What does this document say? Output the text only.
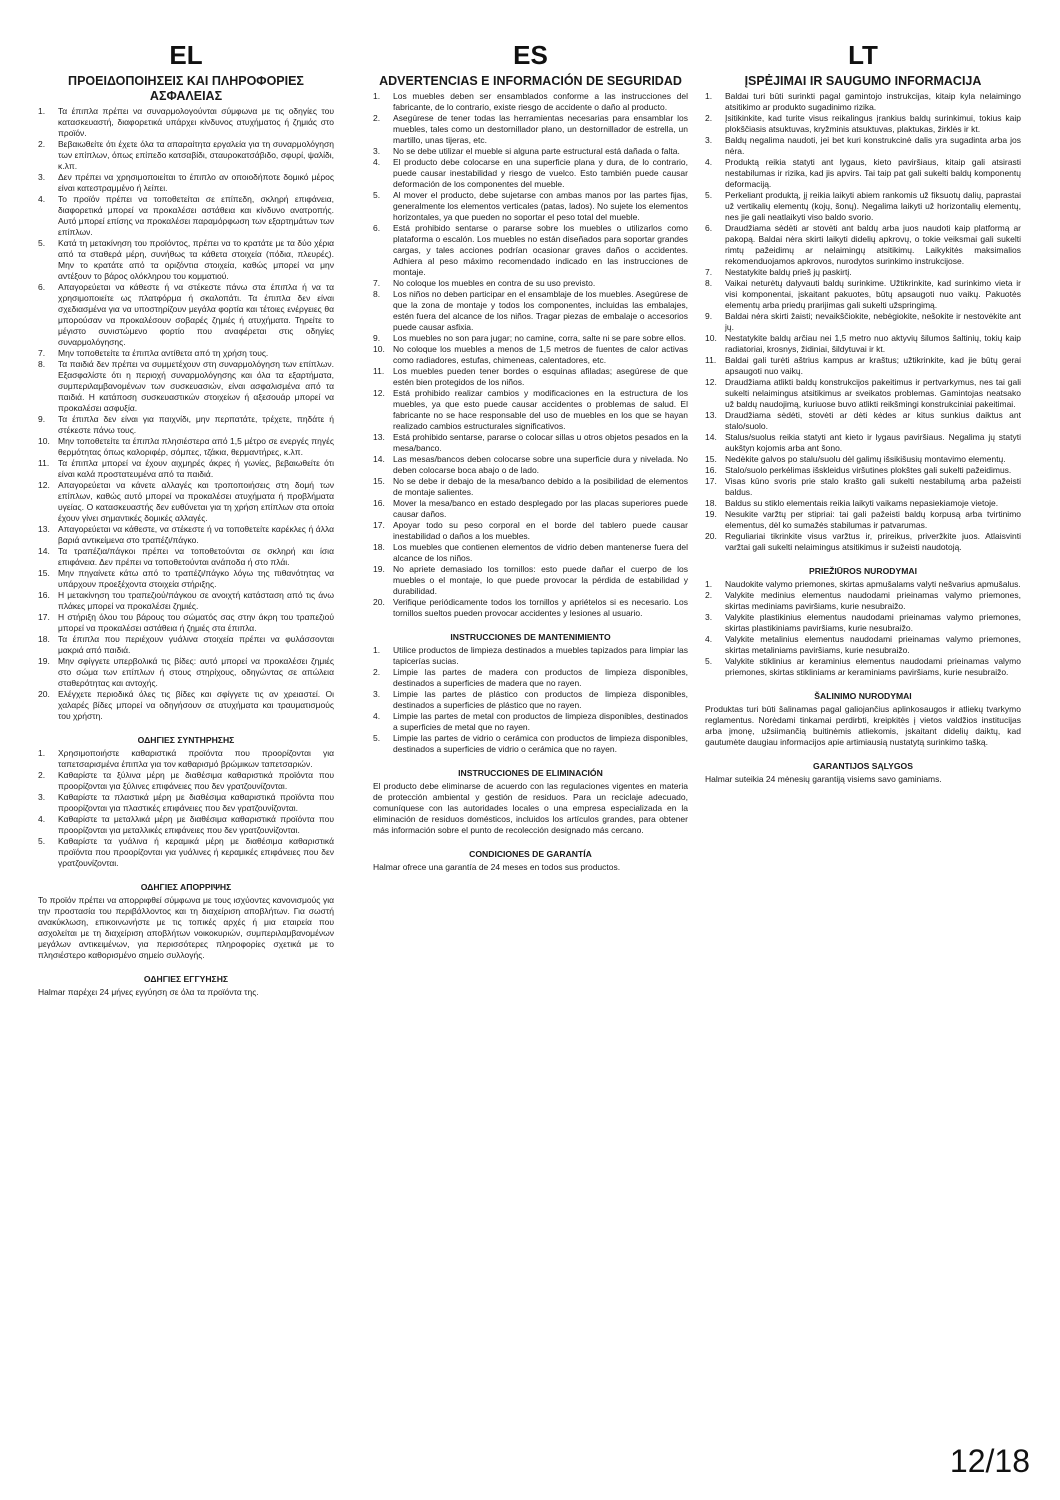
EL
ΠΡΟΕΙΔΟΠΟΙΗΣΕΙΣ ΚΑΙ ΠΛΗΡΟΦΟΡΙΕΣ ΑΣΦΑΛΕΙΑΣ
1. Τα έπιπλα πρέπει να συναρμολογούνται σύμφωνα με τις οδηγίες του κατασκευαστή, διαφορετικά υπάρχει κίνδυνος ατυχήματος ή ζημιάς στο προϊόν.
2. Βεβαιωθείτε ότι έχετε όλα τα απαραίτητα εργαλεία για τη συναρμολόγηση των επίπλων, όπως επίπεδο κατσαβίδι, σταυροκατσάβιδο, σφυρί, ψαλίδι, κ.λπ.
3. Δεν πρέπει να χρησιμοποιείται το έπιπλο αν οποιοδήποτε δομικό μέρος είναι κατεστραμμένο ή λείπει.
4. Το προϊόν πρέπει να τοποθετείται σε επίπεδη, σκληρή επιφάνεια, διαφορετικά μπορεί να προκαλέσει αστάθεια και κίνδυνο ανατροπής. Αυτό μπορεί επίσης να προκαλέσει παραμόρφωση των εξαρτημάτων των επίπλων.
5. Κατά τη μετακίνηση του προϊόντος, πρέπει να το κρατάτε με τα δύο χέρια από τα σταθερά μέρη, συνήθως τα κάθετα στοιχεία (πόδια, πλευρές). Μην το κρατάτε από τα οριζόντια στοιχεία, καθώς μπορεί να μην αντέξουν το βάρος ολόκληρου του κομματιού.
6. Απαγορεύεται να κάθεστε ή να στέκεστε πάνω στα έπιπλα ή να τα χρησιμοποιείτε ως πλατφόρμα ή σκαλοπάτι. Τα έπιπλα δεν είναι σχεδιασμένα για να υποστηρίζουν μεγάλα φορτία και τέτοιες ενέργειες θα μπορούσαν να προκαλέσουν σοβαρές ζημιές ή ατυχήματα. Τηρείτε το μέγιστο συνιστώμενο φορτίο που αναφέρεται στις οδηγίες συναρμολόγησης.
7. Μην τοποθετείτε τα έπιπλα αντίθετα από τη χρήση τους.
8. Τα παιδιά δεν πρέπει να συμμετέχουν στη συναρμολόγηση των επίπλων. Εξασφαλίστε ότι η περιοχή συναρμολόγησης και όλα τα εξαρτήματα, συμπεριλαμβανομένων των συσκευασιών, είναι ασφαλισμένα από τα παιδιά. Η κατάποση συσκευαστικών στοιχείων ή αξεσουάρ μπορεί να προκαλέσει ασφυξία.
9. Τα έπιπλα δεν είναι για παιχνίδι, μην περπατάτε, τρέχετε, πηδάτε ή στέκεστε πάνω τους.
10. Μην τοποθετείτε τα έπιπλα πλησιέστερα από 1,5 μέτρο σε ενεργές πηγές θερμότητας όπως καλοριφέρ, σόμπες, τζάκια, θερμαντήρες, κ.λπ.
11. Τα έπιπλα μπορεί να έχουν αιχμηρές άκρες ή γωνίες, βεβαιωθείτε ότι είναι καλά προστατευμένα από τα παιδιά.
12. Απαγορεύεται να κάνετε αλλαγές και τροποποιήσεις στη δομή των επίπλων, καθώς αυτό μπορεί να προκαλέσει ατυχήματα ή προβλήματα υγείας. Ο κατασκευαστής δεν ευθύνεται για τη χρήση επίπλων στα οποία έχουν γίνει σημαντικές δομικές αλλαγές.
13. Απαγορεύεται να κάθεστε, να στέκεστε ή να τοποθετείτε καρέκλες ή άλλα βαριά αντικείμενα στο τραπέζι/πάγκο.
14. Τα τραπέζια/πάγκοι πρέπει να τοποθετούνται σε σκληρή και ίσια επιφάνεια. Δεν πρέπει να τοποθετούνται ανάποδα ή στο πλάι.
15. Μην πηγαίνετε κάτω από το τραπέζι/πάγκο λόγω της πιθανότητας να υπάρχουν προεξέχοντα στοιχεία στήριξης.
16. Η μετακίνηση του τραπεζιού/πάγκου σε ανοιχτή κατάσταση από τις άνω πλάκες μπορεί να προκαλέσει ζημιές.
17. Η στήριξη όλου του βάρους του σώματός σας στην άκρη του τραπεζιού μπορεί να προκαλέσει αστάθεια ή ζημιές στα έπιπλα.
18. Τα έπιπλα που περιέχουν γυάλινα στοιχεία πρέπει να φυλάσσονται μακριά από παιδιά.
19. Μην σφίγγετε υπερβολικά τις βίδες: αυτό μπορεί να προκαλέσει ζημιές στο σώμα των επίπλων ή στους στηρίχους, οδηγώντας σε απώλεια σταθερότητας και αντοχής.
20. Ελέγχετε περιοδικά όλες τις βίδες και σφίγγετε τις αν χρειαστεί. Οι χαλαρές βίδες μπορεί να οδηγήσουν σε ατυχήματα και τραυματισμούς του χρήστη.
ΟΔΗΓΙΕΣ ΣΥΝΤΗΡΗΣΗΣ
1. Χρησιμοποιήστε καθαριστικά προϊόντα που προορίζονται για ταπετσαρισμένα έπιπλα για τον καθαρισμό βρώμικων ταπετσαριών.
2. Καθαρίστε τα ξύλινα μέρη με διαθέσιμα καθαριστικά προϊόντα που προορίζονται για ξύλινες επιφάνειες που δεν γρατζουνίζονται.
3. Καθαρίστε τα πλαστικά μέρη με διαθέσιμα καθαριστικά προϊόντα που προορίζονται για πλαστικές επιφάνειες που δεν γρατζουνίζονται.
4. Καθαρίστε τα μεταλλικά μέρη με διαθέσιμα καθαριστικά προϊόντα που προορίζονται για μεταλλικές επιφάνειες που δεν γρατζουνίζονται.
5. Καθαρίστε τα γυάλινα ή κεραμικά μέρη με διαθέσιμα καθαριστικά προϊόντα που προορίζονται για γυάλινες ή κεραμικές επιφάνειες που δεν γρατζουνίζονται.
ΟΔΗΓΙΕΣ ΑΠΟΡΡΙΨΗΣ

Το προϊόν πρέπει να απορριφθεί σύμφωνα με τους ισχύοντες κανονισμούς για την προστασία του περιβάλλοντος και τη διαχείριση αποβλήτων. Για σωστή ανακύκλωση, επικοινωνήστε με τις τοπικές αρχές ή μια εταιρεία που ασχολείται με τη διαχείριση αποβλήτων νοικοκυριών, συμπεριλαμβανομένων μεγάλων αντικειμένων, για περισσότερες πληροφορίες σχετικά με το πλησιέστερο καθορισμένο σημείο συλλογής.

ΟΔΗΓΙΕΣ ΕΓΓΥΗΣΗΣ

Halmar παρέχει 24 μήνες εγγύηση σε όλα τα προϊόντα της.

ES
ADVERTENCIAS E INFORMACIÓN DE SEGURIDAD
1. Los muebles deben ser ensamblados conforme a las instrucciones del fabricante, de lo contrario, existe riesgo de accidente o daño al producto.
2. Asegúrese de tener todas las herramientas necesarias para ensamblar los muebles, tales como un destornillador plano, un destornillador de estrella, un martillo, unas tijeras, etc.
3. No se debe utilizar el mueble si alguna parte estructural está dañada o falta.
4. El producto debe colocarse en una superficie plana y dura, de lo contrario, puede causar inestabilidad y riesgo de vuelco. Esto también puede causar deformación de los componentes del mueble.
5. Al mover el producto, debe sujetarse con ambas manos por las partes fijas, generalmente los elementos verticales (patas, lados). No sujete los elementos horizontales, ya que pueden no soportar el peso total del mueble.
6. Está prohibido sentarse o pararse sobre los muebles o utilizarlos como plataforma o escalón. Los muebles no están diseñados para soportar grandes cargas, y tales acciones podrían ocasionar graves daños o accidentes. Adhiera al peso máximo recomendado indicado en las instrucciones de montaje.
7. No coloque los muebles en contra de su uso previsto.
8. Los niños no deben participar en el ensamblaje de los muebles. Asegúrese de que la zona de montaje y todos los componentes, incluidas las embalajes, estén fuera del alcance de los niños. Tragar piezas de embalaje o accesorios puede causar asfixia.
9. Los muebles no son para jugar; no camine, corra, salte ni se pare sobre ellos.
10. No coloque los muebles a menos de 1,5 metros de fuentes de calor activas como radiadores, estufas, chimeneas, calentadores, etc.
11. Los muebles pueden tener bordes o esquinas afiladas; asegúrese de que estén bien protegidos de los niños.
12. Está prohibido realizar cambios y modificaciones en la estructura de los muebles, ya que esto puede causar accidentes o problemas de salud. El fabricante no se hace responsable del uso de muebles en los que se hayan realizado cambios estructurales significativos.
13. Está prohibido sentarse, pararse o colocar sillas u otros objetos pesados en la mesa/banco.
14. Las mesas/bancos deben colocarse sobre una superficie dura y nivelada. No deben colocarse boca abajo o de lado.
15. No se debe ir debajo de la mesa/banco debido a la posibilidad de elementos de montaje salientes.
16. Mover la mesa/banco en estado desplegado por las placas superiores puede causar daños.
17. Apoyar todo su peso corporal en el borde del tablero puede causar inestabilidad o daños a los muebles.
18. Los muebles que contienen elementos de vidrio deben mantenerse fuera del alcance de los niños.
19. No apriete demasiado los tornillos: esto puede dañar el cuerpo de los muebles o el montaje, lo que puede provocar la pérdida de estabilidad y durabilidad.
20. Verifique periódicamente todos los tornillos y apriételos si es necesario. Los tornillos sueltos pueden provocar accidentes y lesiones al usuario.
INSTRUCCIONES DE MANTENIMIENTO
1. Utilice productos de limpieza destinados a muebles tapizados para limpiar las tapicerías sucias.
2. Limpie las partes de madera con productos de limpieza disponibles, destinados a superficies de madera que no rayen.
3. Limpie las partes de plástico con productos de limpieza disponibles, destinados a superficies de plástico que no rayen.
4. Limpie las partes de metal con productos de limpieza disponibles, destinados a superficies de metal que no rayen.
5. Limpie las partes de vidrio o cerámica con productos de limpieza disponibles, destinados a superficies de vidrio o cerámica que no rayen.
INSTRUCCIONES DE ELIMINACIÓN

El producto debe eliminarse de acuerdo con las regulaciones vigentes en materia de protección ambiental y gestión de residuos. Para un reciclaje adecuado, comuníquese con las autoridades locales o una empresa especializada en la eliminación de residuos domésticos, incluidos los artículos grandes, para obtener más información sobre el punto de recolección designado más cercano.

CONDICIONES DE GARANTÍA

Halmar ofrece una garantía de 24 meses en todos sus productos.

LT
ĮSPĖJIMAI IR SAUGUMO INFORMACIJA
1. Baldai turi būti surinkti pagal gamintojo instrukcijas, kitaip kyla nelaimingo atsitikimo ar produkto sugadinimo rizika.
2. Įsitikinkite, kad turite visus reikalingus įrankius baldų surinkimui, tokius kaip plokščiasis atsuktuvas, kryžminis atsuktuvas, plaktukas, žirklės ir kt.
3. Baldų negalima naudoti, jei bet kuri konstrukcinė dalis yra sugadinta arba jos nėra.
4. Produktą reikia statyti ant lygaus, kieto paviršiaus, kitaip gali atsirasti nestabilumas ir rizika, kad jis apvirs. Tai taip pat gali sukelti baldų komponentų deformaciją.
5. Perkeliant produktą, jį reikia laikyti abiem rankomis už fiksuotų dalių, paprastai už vertikalių elementų (kojų, šonų). Negalima laikyti už horizontalių elementų, nes jie gali neatlaikyti viso baldo svorio.
6. Draudžiama sėdėti ar stovėti ant baldų arba juos naudoti kaip platformą ar pakopą. Baldai nėra skirti laikyti didelių apkrovų, o tokie veiksmai gali sukelti rimtų pažeidimų ar nelaimingų atsitikimų. Laikykitės maksimalios rekomenduojamos apkrovos, nurodytos surinkimo instrukcijose.
7. Nestatykite baldų prieš jų paskirtį.
8. Vaikai neturėtų dalyvauti baldų surinkime. Užtikrinkite, kad surinkimo vieta ir visi komponentai, įskaitant pakuotes, būtų apsaugoti nuo vaikų. Pakuotės elementų arba priedų prarijimas gali sukelti užspringimą.
9. Baldai nėra skirti žaisti; nevaikščiokite, nebėgiokite, nešokite ir nestovėkite ant jų.
10. Nestatykite baldų arčiau nei 1,5 metro nuo aktyvių šilumos šaltinių, tokių kaip radiatoriai, krosnys, židiniai, šildytuvai ir kt.
11. Baldai gali turėti aštrius kampus ar kraštus; užtikrinkite, kad jie būtų gerai apsaugoti nuo vaikų.
12. Draudžiama atlikti baldų konstrukcijos pakeitimus ir pertvarkymus, nes tai gali sukelti nelaimingus atsitikimus ar sveikatos problemas. Gamintojas neatsako už baldų naudojimą, kuriuose buvo atlikti reikšmingi konstrukciniai pakeitimai.
13. Draudžiama sėdėti, stovėti ar dėti kėdes ar kitus sunkius daiktus ant stalo/suolo.
14. Stalus/suolus reikia statyti ant kieto ir lygaus paviršiaus. Negalima jų statyti aukštyn kojomis arba ant šono.
15. Nedėkite galvos po stalu/suolu dėl galimų išsikišusių montavimo elementų.
16. Stalo/suolo perkėlimas išskleidus viršutines plokštes gali sukelti pažeidimus.
17. Visas kūno svoris prie stalo krašto gali sukelti nestabilumą arba pažeisti baldus.
18. Baldus su stiklo elementais reikia laikyti vaikams nepasiekiamoje vietoje.
19. Nesukite varžtų per stipriai: tai gali pažeisti baldų korpusą arba tvirtinimo elementus, dėl ko sumažės stabilumas ir patvarumas.
20. Reguliariai tikrinkite visus varžtus ir, prireikus, priveržkite juos. Atlaisvinti varžtai gali sukelti nelaimingus atsitikimus ir sužeisti naudotoją.
PRIEŽIŪROS NURODYMAI
1. Naudokite valymo priemones, skirtas apmušalams valyti nešvarius apmušalus.
2. Valykite medinius elementus naudodami prieinamas valymo priemones, skirtas mediniams paviršiams, kurie nesubraižo.
3. Valykite plastikinius elementus naudodami prieinamas valymo priemones, skirtas plastikiniams paviršiams, kurie nesubraižo.
4. Valykite metalinius elementus naudodami prieinamas valymo priemones, skirtas metaliniams paviršiams, kurie nesubraižo.
5. Valykite stiklinius ar keraminius elementus naudodami prieinamas valymo priemones, skirtas stikliniams ar keraminiams paviršiams, kurie nesubraižo.
ŠALINIMO NURODYMAI

Produktas turi būti šalinamas pagal galiojančius aplinkosaugos ir atliekų tvarkymo reglamentus. Norėdami tinkamai perdirbti, kreipkitės į vietos valdžios institucijas arba įmonę, užsiimančią buitinėmis atliekomis, įskaitant didelių daiktų, kad gautumėte daugiau informacijos apie artimiausią nustatytą surinkimo tašką.

GARANTIJOS SĄLYGOS

Halmar suteikia 24 mėnesių garantiją visiems savo gaminiams.

12/18
